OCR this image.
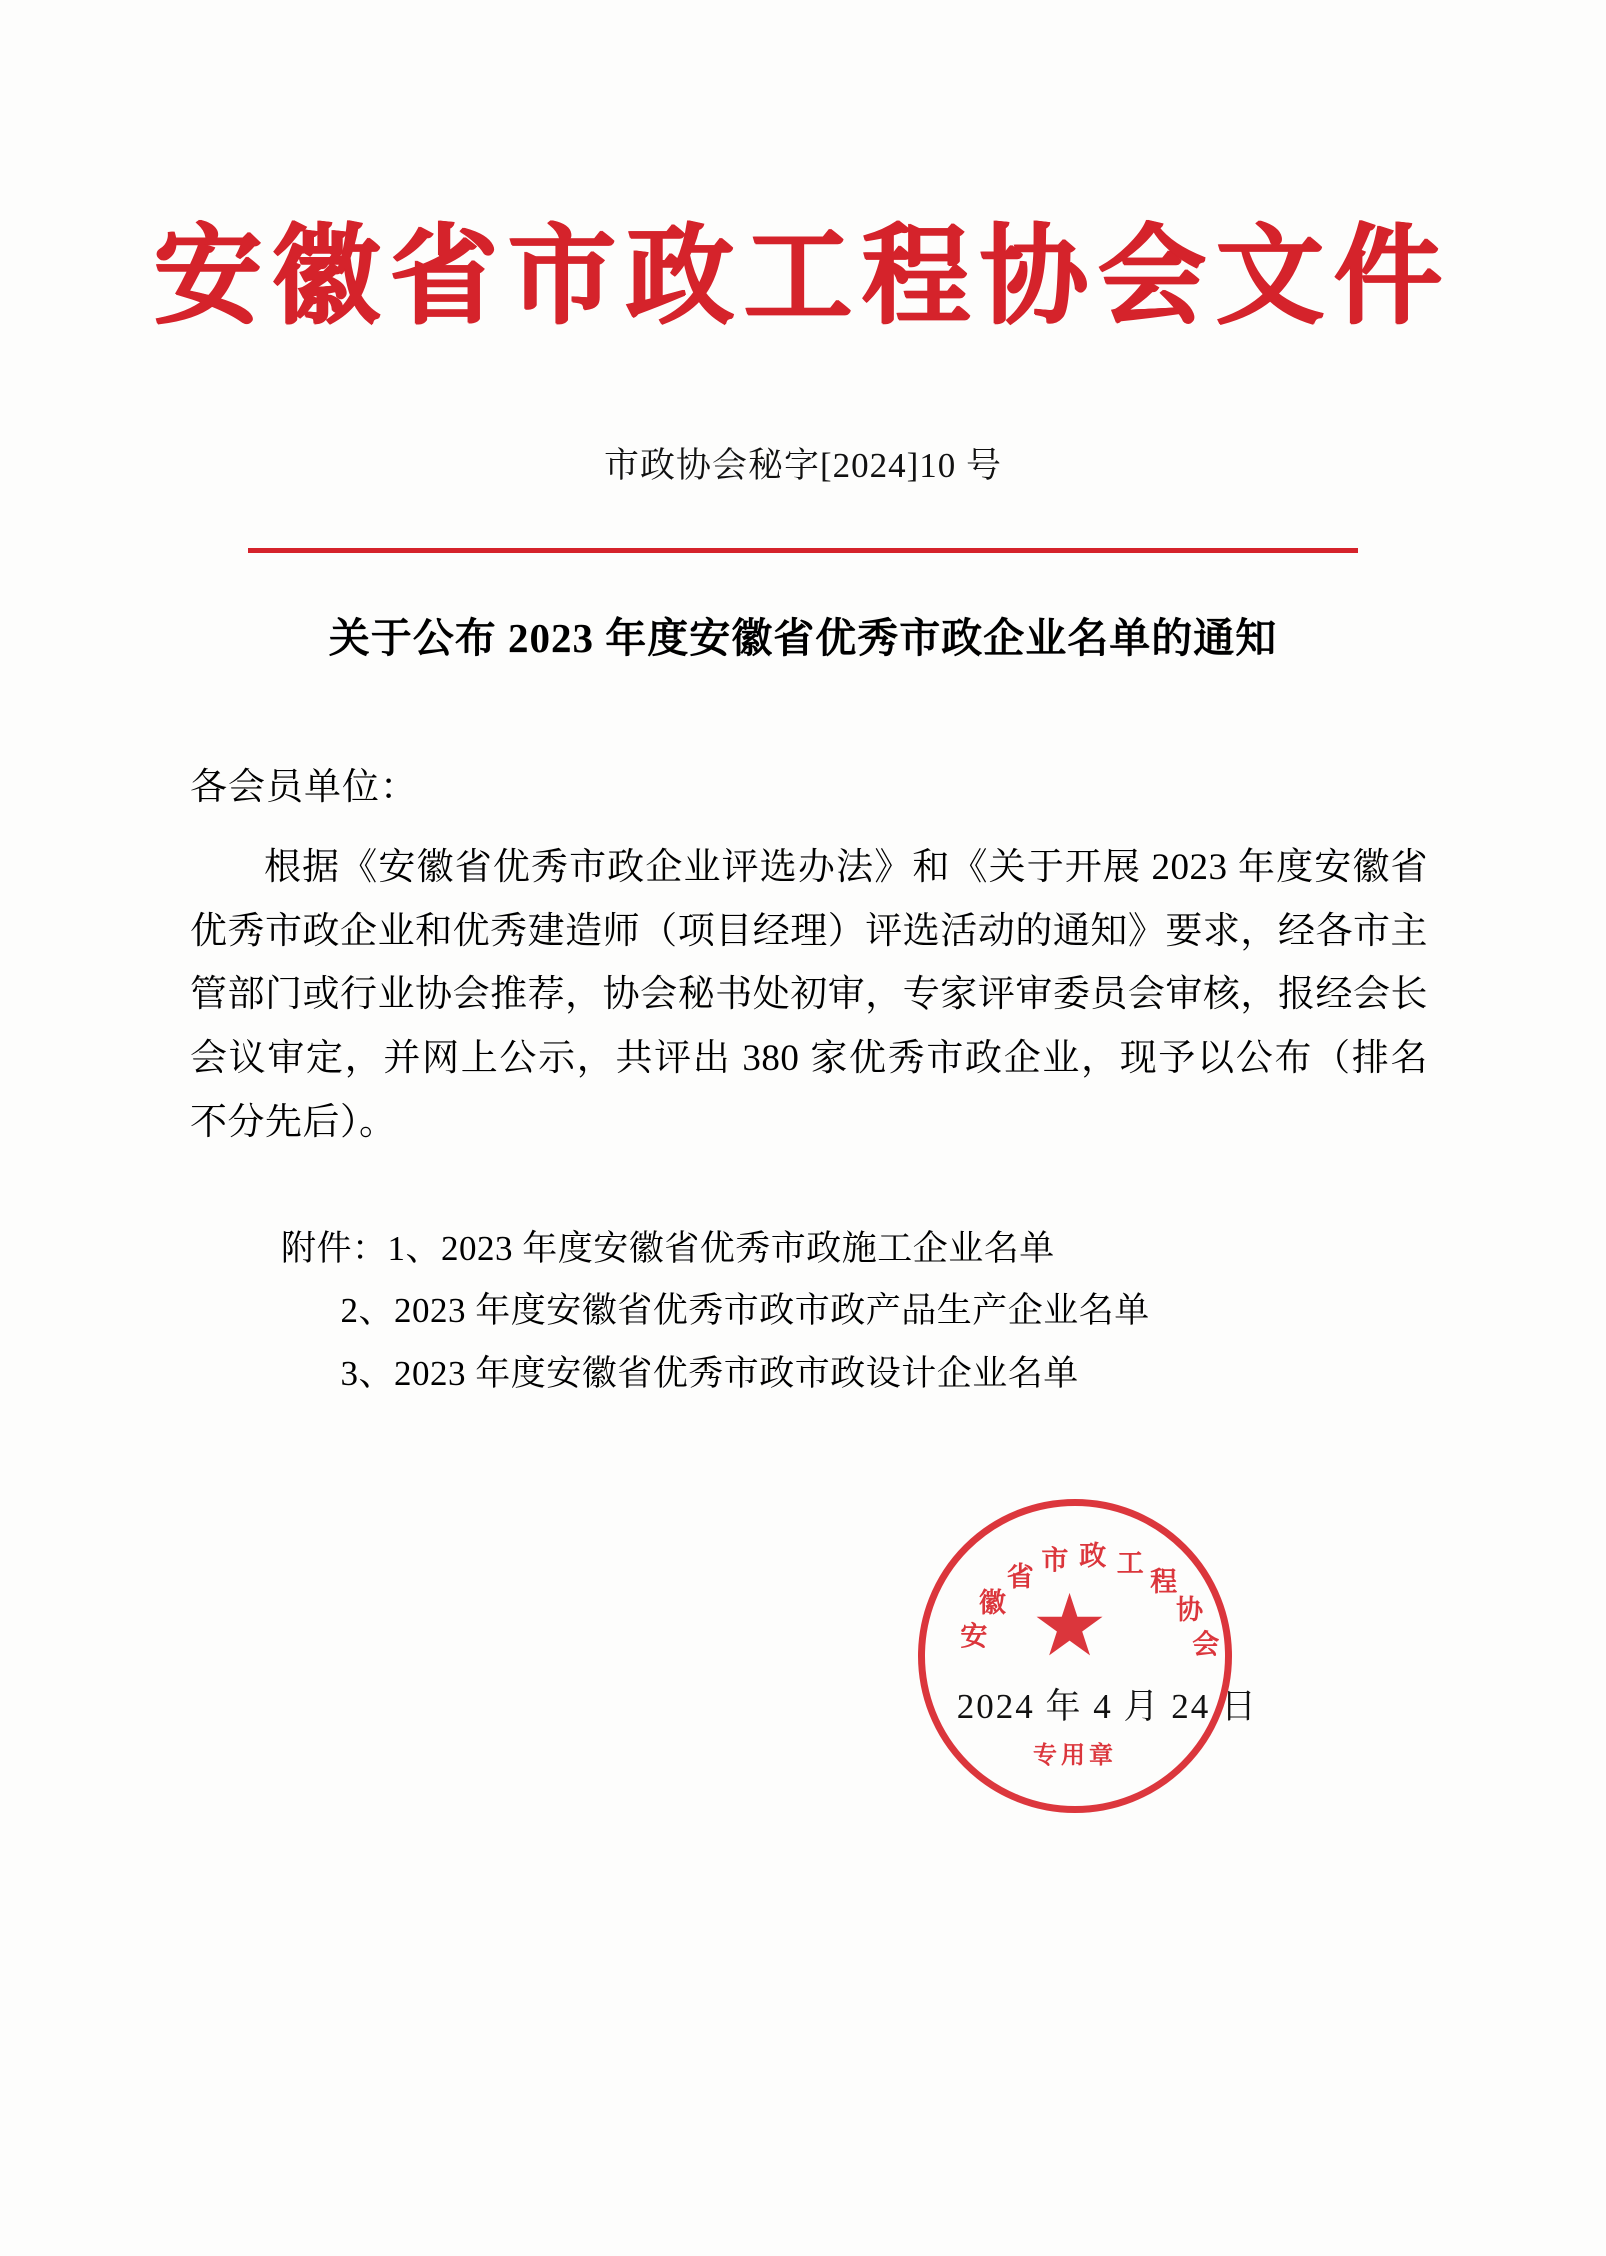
安徽省市政工程协会文件
市政协会秘字[2024]10 号
关于公布 2023 年度安徽省优秀市政企业名单的通知
各会员单位：
根据《安徽省优秀市政企业评选办法》和《关于开展 2023 年度安徽省优秀市政企业和优秀建造师（项目经理）评选活动的通知》要求，经各市主管部门或行业协会推荐，协会秘书处初审，专家评审委员会审核，报经会长会议审定，并网上公示，共评出 380 家优秀市政企业，现予以公布（排名不分先后）。
附件：1、2023 年度安徽省优秀市政施工企业名单
2、2023 年度安徽省优秀市政市政产品生产企业名单
3、2023 年度安徽省优秀市政市政设计企业名单
安
徽
省
市 政 工
程
协
会
专用章
2024 年 4 月 24 日
